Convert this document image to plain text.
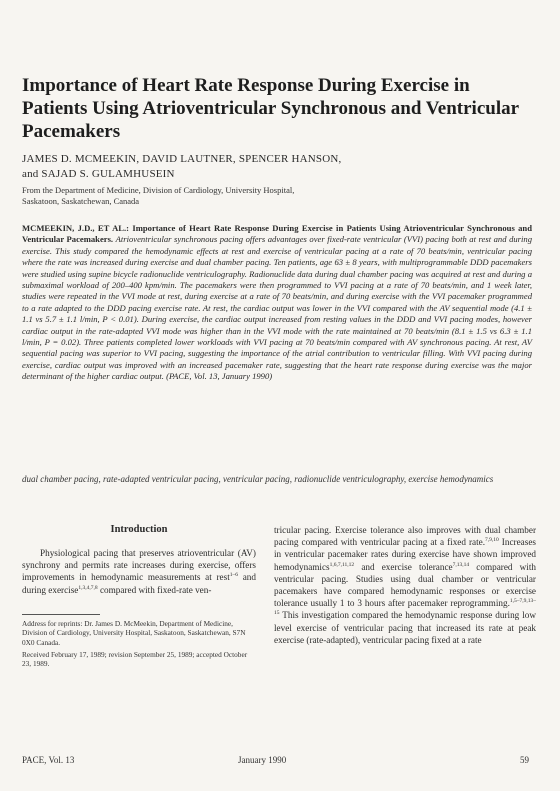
Importance of Heart Rate Response During Exercise in Patients Using Atrioventricular Synchronous and Ventricular Pacemakers
JAMES D. MCMEEKIN, DAVID LAUTNER, SPENCER HANSON,
and SAJAD S. GULAMHUSEIN
From the Department of Medicine, Division of Cardiology, University Hospital,
Saskatoon, Saskatchewan, Canada

MCMEEKIN, J.D., ET AL.: Importance of Heart Rate Response During Exercise in Patients Using Atrioventricular Synchronous and Ventricular Pacemakers. Atrioventricular synchronous pacing offers advantages over fixed-rate ventricular (VVI) pacing both at rest and during exercise. This study compared the hemodynamic effects at rest and exercise of ventricular pacing at a rate of 70 beats/min, ventricular pacing where the rate was increased during exercise and dual chamber pacing. Ten patients, age 63 ± 8 years, with multiprogrammable DDD pacemakers were studied using supine bicycle radionuclide ventriculography. Radionuclide data during dual chamber pacing was acquired at rest and during a submaximal workload of 200–400 kpm/min. The pacemakers were then programmed to VVI pacing at a rate of 70 beats/min, and 1 week later, studies were repeated in the VVI mode at rest, during exercise at a rate of 70 beats/min, and during exercise with the VVI pacemaker programmed to a rate adapted to the DDD pacing exercise rate. At rest, the cardiac output was lower in the VVI compared with the AV sequential mode (4.1 ± 1.1 vs 5.7 ± 1.1 l/min, P < 0.01). During exercise, the cardiac output increased from resting values in the DDD and VVI pacing modes, however cardiac output in the rate-adapted VVI mode was higher than in the VVI mode with the rate maintained at 70 beats/min (8.1 ± 1.5 vs 6.3 ± 1.1 l/min, P = 0.02). Three patients completed lower workloads with VVI pacing at 70 beats/min compared with AV synchronous pacing. At rest, AV sequential pacing was superior to VVI pacing, suggesting the importance of the atrial contribution to ventricular filling. With VVI pacing during exercise, cardiac output was improved with an increased pacemaker rate, suggesting that the heart rate response during exercise was the major determinant of the higher cardiac output. (PACE, Vol. 13, January 1990)

dual chamber pacing, rate-adapted ventricular pacing, ventricular pacing, radionuclide ventriculography, exercise hemodynamics

Introduction

Physiological pacing that preserves atrioventricular (AV) synchrony and permits rate increases during exercise, offers improvements in hemodynamic measurements at rest$^{1-6}$ and during exercise$^{1,3,4,7,8}$ compared with fixed-rate ven-

tricular pacing. Exercise tolerance also improves with dual chamber pacing compared with ventricular pacing at a fixed rate.$^{7,9,10}$ Increases in ventricular pacemaker rates during exercise have shown improved hemodynamics$^{1,6,7,11,12}$ and exercise tolerance$^{7,13,14}$ compared with ventricular pacing. Studies using dual chamber or ventricular pacemakers have compared hemodynamic responses or exercise tolerance usually 1 to 3 hours after pacemaker reprogramming.$^{1,5-7,9,13-15}$ This investigation compared the hemodynamic response during low level exercise of ventricular pacing that increased its rate at peak exercise (rate-adapted), ventricular pacing fixed at a rate

Address for reprints: Dr. James D. McMeekin, Department of Medicine, Division of Cardiology, University Hospital, Saskatoon, Saskatchewan, S7N 0X0 Canada.

Received February 17, 1989; revision September 25, 1989; accepted October 23, 1989.

PACE, Vol. 13	January 1990	59
